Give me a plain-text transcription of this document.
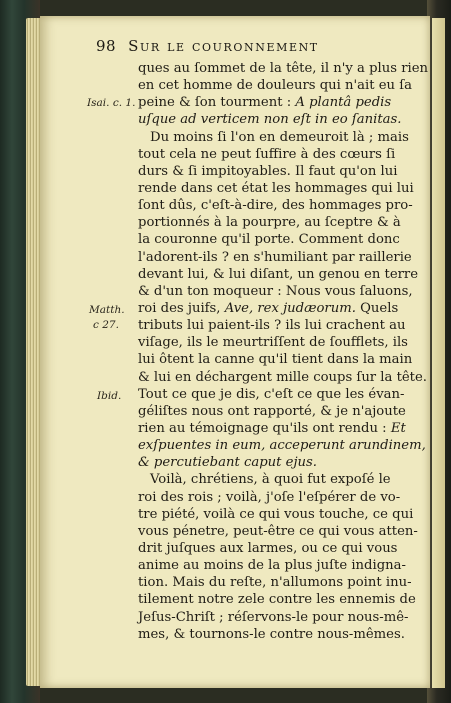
98 Sur le couronnement
Isai. c. 1.
Matth.
c 27.
Ibid.
ques au ſommet de la tête, il n'y a plus rien
en cet homme de douleurs qui n'ait eu ſa
peine & ſon tourment : A plantâ pedis
uſque ad verticem non eſt in eo ſanitas.
Du moins ſi l'on en demeuroit là ; mais
tout cela ne peut ſuffire à des cœurs ſi
durs & ſi impitoyables. Il faut qu'on lui
rende dans cet état les hommages qui lui
ſont dûs, c'eſt-à-dire, des hommages pro-
portionnés à la pourpre, au ſceptre & à
la couronne qu'il porte. Comment donc
l'adorent-ils ? en s'humiliant par raillerie
devant lui, & lui diſant, un genou en terre
& d'un ton moqueur : Nous vous ſaluons,
roi des juifs, Ave, rex judæorum. Quels
tributs lui paient-ils ? ils lui crachent au
viſage, ils le meurtriſſent de ſoufflets, ils
lui ôtent la canne qu'il tient dans la main
& lui en déchargent mille coups ſur la tête.
Tout ce que je dis, c'eſt ce que les évan-
géliſtes nous ont rapporté, & je n'ajoute
rien au témoignage qu'ils ont rendu : Et
exſpuentes in eum, acceperunt arundinem,
& percutiebant caput ejus.
Voilà, chrétiens, à quoi fut expoſé le
roi des rois ; voilà, j'oſe l'eſpérer de vo-
tre piété, voilà ce qui vous touche, ce qui
vous pénetre, peut-être ce qui vous atten-
drit juſques aux larmes, ou ce qui vous
anime au moins de la plus juſte indigna-
tion. Mais du reſte, n'allumons point inu-
tilement notre zele contre les ennemis de
Jeſus-Chriſt ; réſervons-le pour nous-mê-
mes, & tournons-le contre nous-mêmes.
